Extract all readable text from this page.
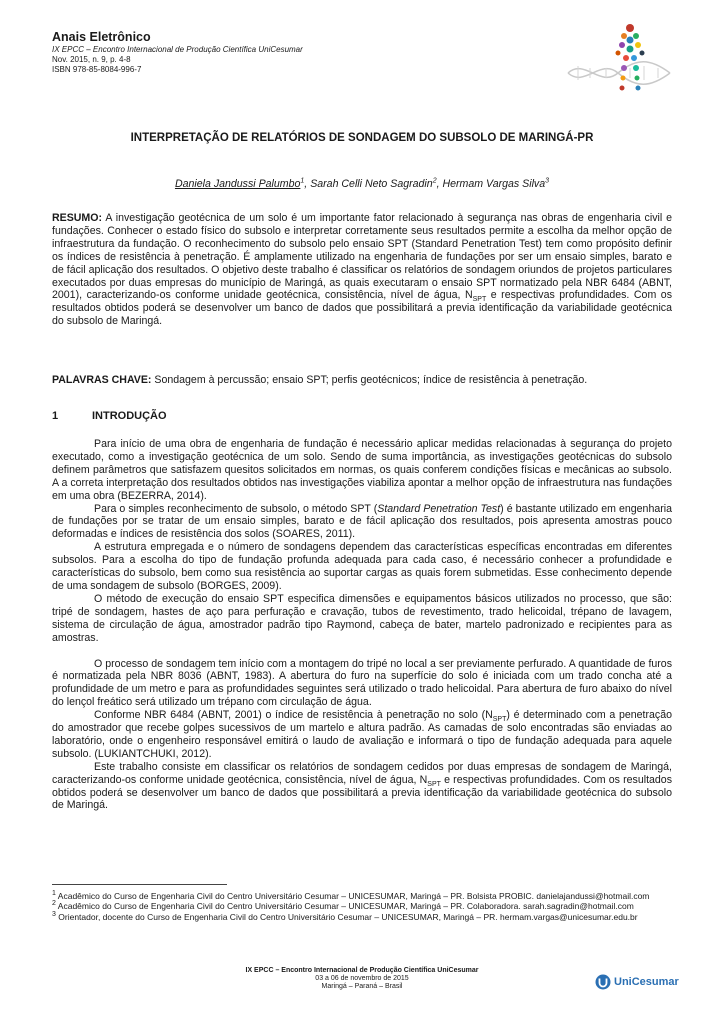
Anais Eletrônico
IX EPCC – Encontro Internacional de Produção Científica UniCesumar
Nov. 2015, n. 9, p. 4-8
ISBN 978-85-8084-996-7
INTERPRETAÇÃO DE RELATÓRIOS DE SONDAGEM DO SUBSOLO DE MARINGÁ-PR
Daniela Jandussi Palumbo$^1$, Sarah Celli Neto Sagradin$^2$, Hermam Vargas Silva$^3$

RESUMO: A investigação geotécnica de um solo é um importante fator relacionado à segurança nas obras de engenharia civil e fundações. Conhecer o estado físico do subsolo e interpretar corretamente seus resultados permite a escolha da melhor opção de infraestrutura da fundação. O reconhecimento do subsolo pelo ensaio SPT (Standard Penetration Test) tem como propósito definir os índices de resistência à penetração. É amplamente utilizado na engenharia de fundações por ser um ensaio simples, barato e de fácil aplicação dos resultados. O objetivo deste trabalho é classificar os relatórios de sondagem oriundos de projetos particulares executados por duas empresas do município de Maringá, as quais executaram o ensaio SPT normatizado pela NBR 6484 (ABNT, 2001), caracterizando-os conforme unidade geotécnica, consistência, nível de água, $N_{SPT}$ e respectivas profundidades. Com os resultados obtidos poderá se desenvolver um banco de dados que possibilitará a previa identificação da variabilidade geotécnica do subsolo de Maringá.

PALAVRAS CHAVE: Sondagem à percussão; ensaio SPT; perfis geotécnicos; índice de resistência à penetração.

1	INTRODUÇÃO

Para início de uma obra de engenharia de fundação é necessário aplicar medidas relacionadas à segurança do projeto executado, como a investigação geotécnica de um solo. Sendo de suma importância, as investigações geotécnicas do subsolo definem parâmetros que satisfazem quesitos solicitados em normas, os quais conferem condições físicas e mecânicas ao subsolo. A a correta interpretação dos resultados obtidos nas investigações viabiliza apontar a melhor opção de infraestrutura nas fundações em uma obra (BEZERRA, 2014).

Para o simples reconhecimento de subsolo, o método SPT (Standard Penetration Test) é bastante utilizado em engenharia de fundações por se tratar de um ensaio simples, barato e de fácil aplicação dos resultados, pois apresenta amostras pouco deformadas e índices de resistência dos solos (SOARES, 2011).

A estrutura empregada e o número de sondagens dependem das características específicas encontradas em diferentes subsolos. Para a escolha do tipo de fundação profunda adequada para cada caso, é necessário conhecer a profundidade e características do subsolo, bem como sua resistência ao suportar cargas as quais forem submetidas. Esse conhecimento depende de uma sondagem de subsolo (BORGES, 2009).

O método de execução do ensaio SPT especifica dimensões e equipamentos básicos utilizados no processo, que são: tripé de sondagem, hastes de aço para perfuração e cravação, tubos de revestimento, trado helicoidal, trépano de lavagem, sistema de circulação de água, amostrador padrão tipo Raymond, cabeça de bater, martelo padronizado e recipientes para as amostras.

O processo de sondagem tem início com a montagem do tripé no local a ser previamente perfurado. A quantidade de furos é normatizada pela NBR 8036 (ABNT, 1983). A abertura do furo na superfície do solo é iniciada com um trado concha até a profundidade de um metro e para as profundidades seguintes será utilizado o trado helicoidal. Para abertura de furo abaixo do nível do lençol freático será utilizado um trépano com circulação de água.

Conforme NBR 6484 (ABNT, 2001) o índice de resistência à penetração no solo $(N_{SPT})$ é determinado com a penetração do amostrador que recebe golpes sucessivos de um martelo e altura padrão. As camadas de solo encontradas são enviadas ao laboratório, onde o engenheiro responsável emitirá o laudo de avaliação e informará o tipo de fundação adequada para aquele subsolo. (LUKIANTCHUKI, 2012).

Este trabalho consiste em classificar os relatórios de sondagem cedidos por duas empresas de sondagem de Maringá, caracterizando-os conforme unidade geotécnica, consistência, nível de água, $N_{SPT}$ e respectivas profundidades. Com os resultados obtidos poderá se desenvolver um banco de dados que possibilitará a previa identificação da variabilidade geotécnica do subsolo de Maringá.

$^1$ Acadêmico do Curso de Engenharia Civil do Centro Universitário Cesumar – UNICESUMAR, Maringá – PR. Bolsista PROBIC. danielajandussi@hotmail.com

$^2$ Acadêmico do Curso de Engenharia Civil do Centro Universitário Cesumar – UNICESUMAR, Maringá – PR. Colaboradora. sarah.sagradin@hotmail.com

$^3$ Orientador, docente do Curso de Engenharia Civil do Centro Universitário Cesumar – UNICESUMAR, Maringá – PR. hermam.vargas@unicesumar.edu.br

IX EPCC – Encontro Internacional de Produção Científica UniCesumar
03 a 06 de novembro de 2015
Maringá – Paraná – Brasil	UniCesumar
